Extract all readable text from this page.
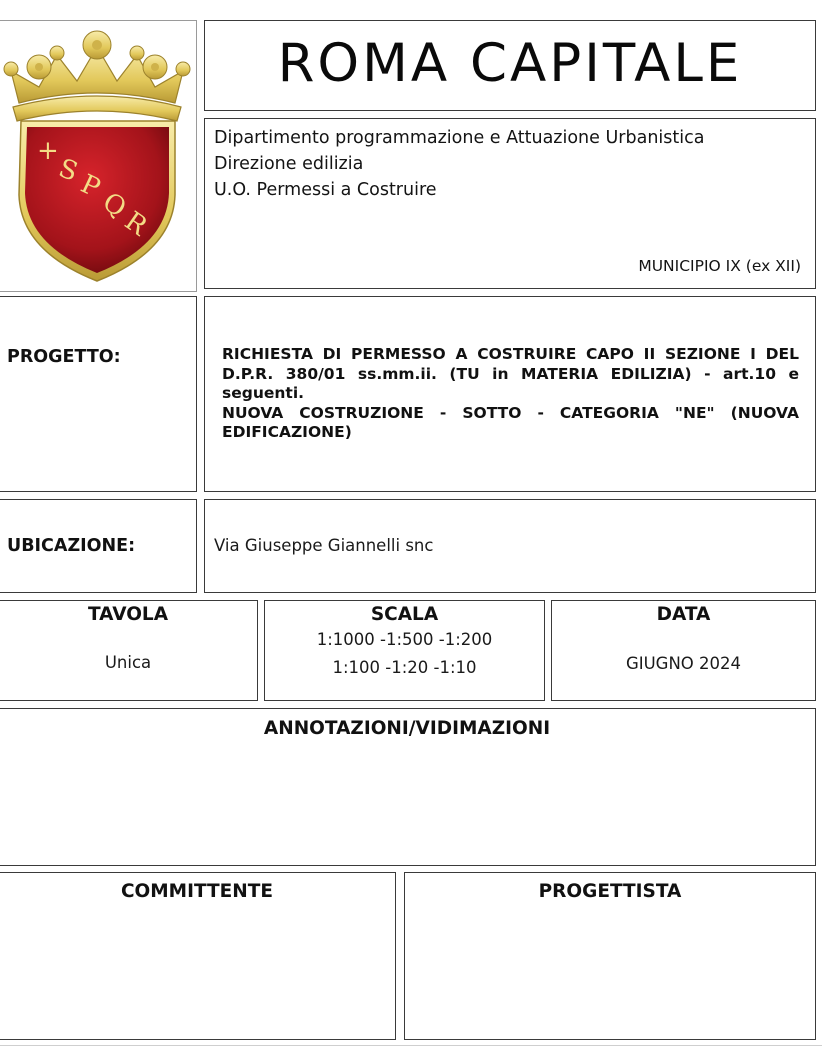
+
S
P
Q
R
ROMA CAPITALE
Dipartimento programmazione e Attuazione Urbanistica
Direzione edilizia
U.O. Permessi a Costruire
MUNICIPIO IX (ex XII)
PROGETTO:	RICHIESTA DI PERMESSO A COSTRUIRE CAPO II SEZIONE I DEL D.P.R. 380/01 ss.mm.ii. (TU in MATERIA EDILIZIA) - art.10 e seguenti.
NUOVA COSTRUZIONE - SOTTO - CATEGORIA "NE" (NUOVA EDIFICAZIONE)
UBICAZIONE:	Via Giuseppe Giannelli snc
TAVOLA
Unica
SCALA
1:1000 -1:500 -1:200
1:100 -1:20 -1:10
DATA
GIUGNO 2024
ANNOTAZIONI/VIDIMAZIONI
COMMITTENTE	PROGETTISTA
